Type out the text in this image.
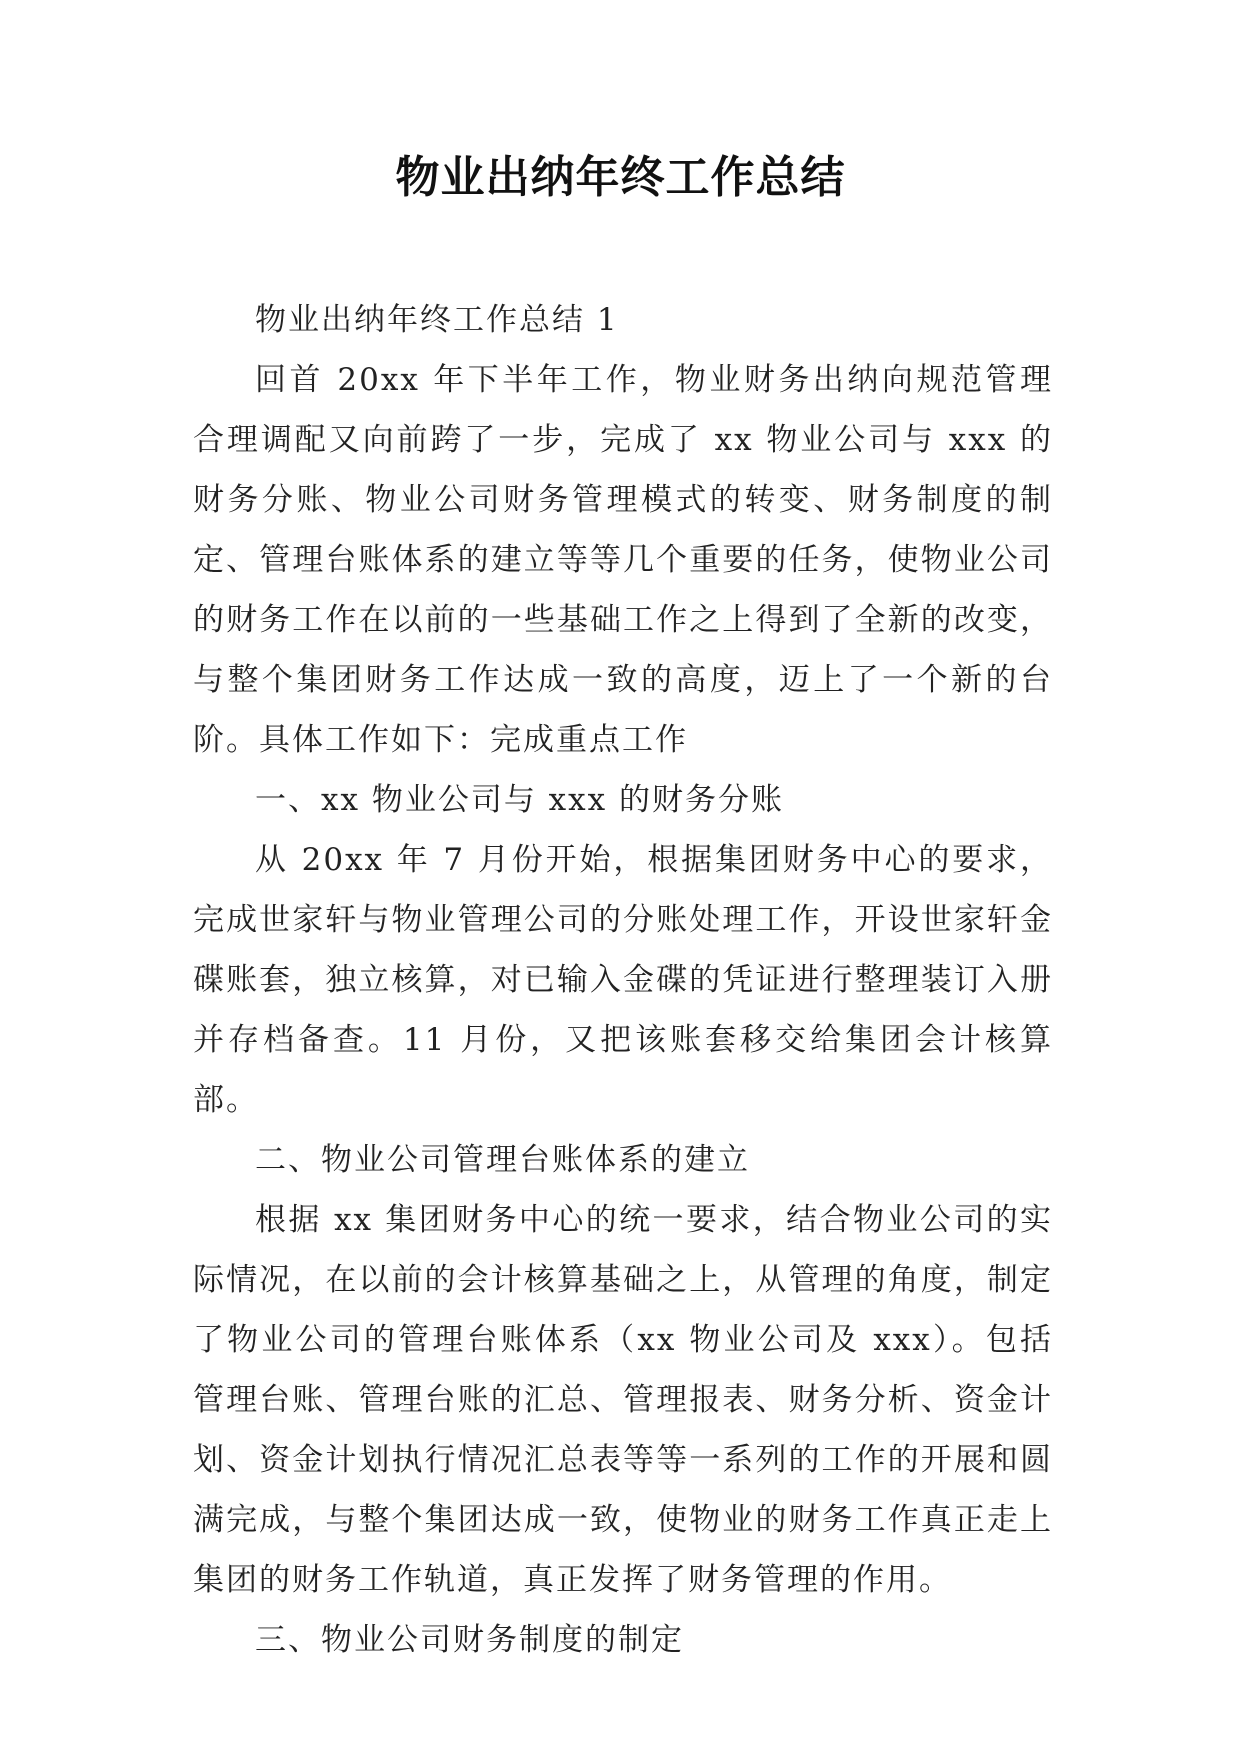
物业出纳年终工作总结

物业出纳年终工作总结 1

回首 20xx 年下半年工作，物业财务出纳向规范管理合理调配又向前跨了一步，完成了 xx 物业公司与 xxx 的财务分账、物业公司财务管理模式的转变、财务制度的制定、管理台账体系的建立等等几个重要的任务，使物业公司的财务工作在以前的一些基础工作之上得到了全新的改变，与整个集团财务工作达成一致的高度，迈上了一个新的台阶。具体工作如下：完成重点工作

一、xx 物业公司与 xxx 的财务分账

从 20xx 年 7 月份开始，根据集团财务中心的要求，完成世家轩与物业管理公司的分账处理工作，开设世家轩金碟账套，独立核算，对已输入金碟的凭证进行整理装订入册并存档备查。11 月份，又把该账套移交给集团会计核算部。

二、物业公司管理台账体系的建立

根据 xx 集团财务中心的统一要求，结合物业公司的实际情况，在以前的会计核算基础之上，从管理的角度，制定了物业公司的管理台账体系（xx 物业公司及 xxx）。包括管理台账、管理台账的汇总、管理报表、财务分析、资金计划、资金计划执行情况汇总表等等一系列的工作的开展和圆满完成，与整个集团达成一致，使物业的财务工作真正走上集团的财务工作轨道，真正发挥了财务管理的作用。

三、物业公司财务制度的制定
